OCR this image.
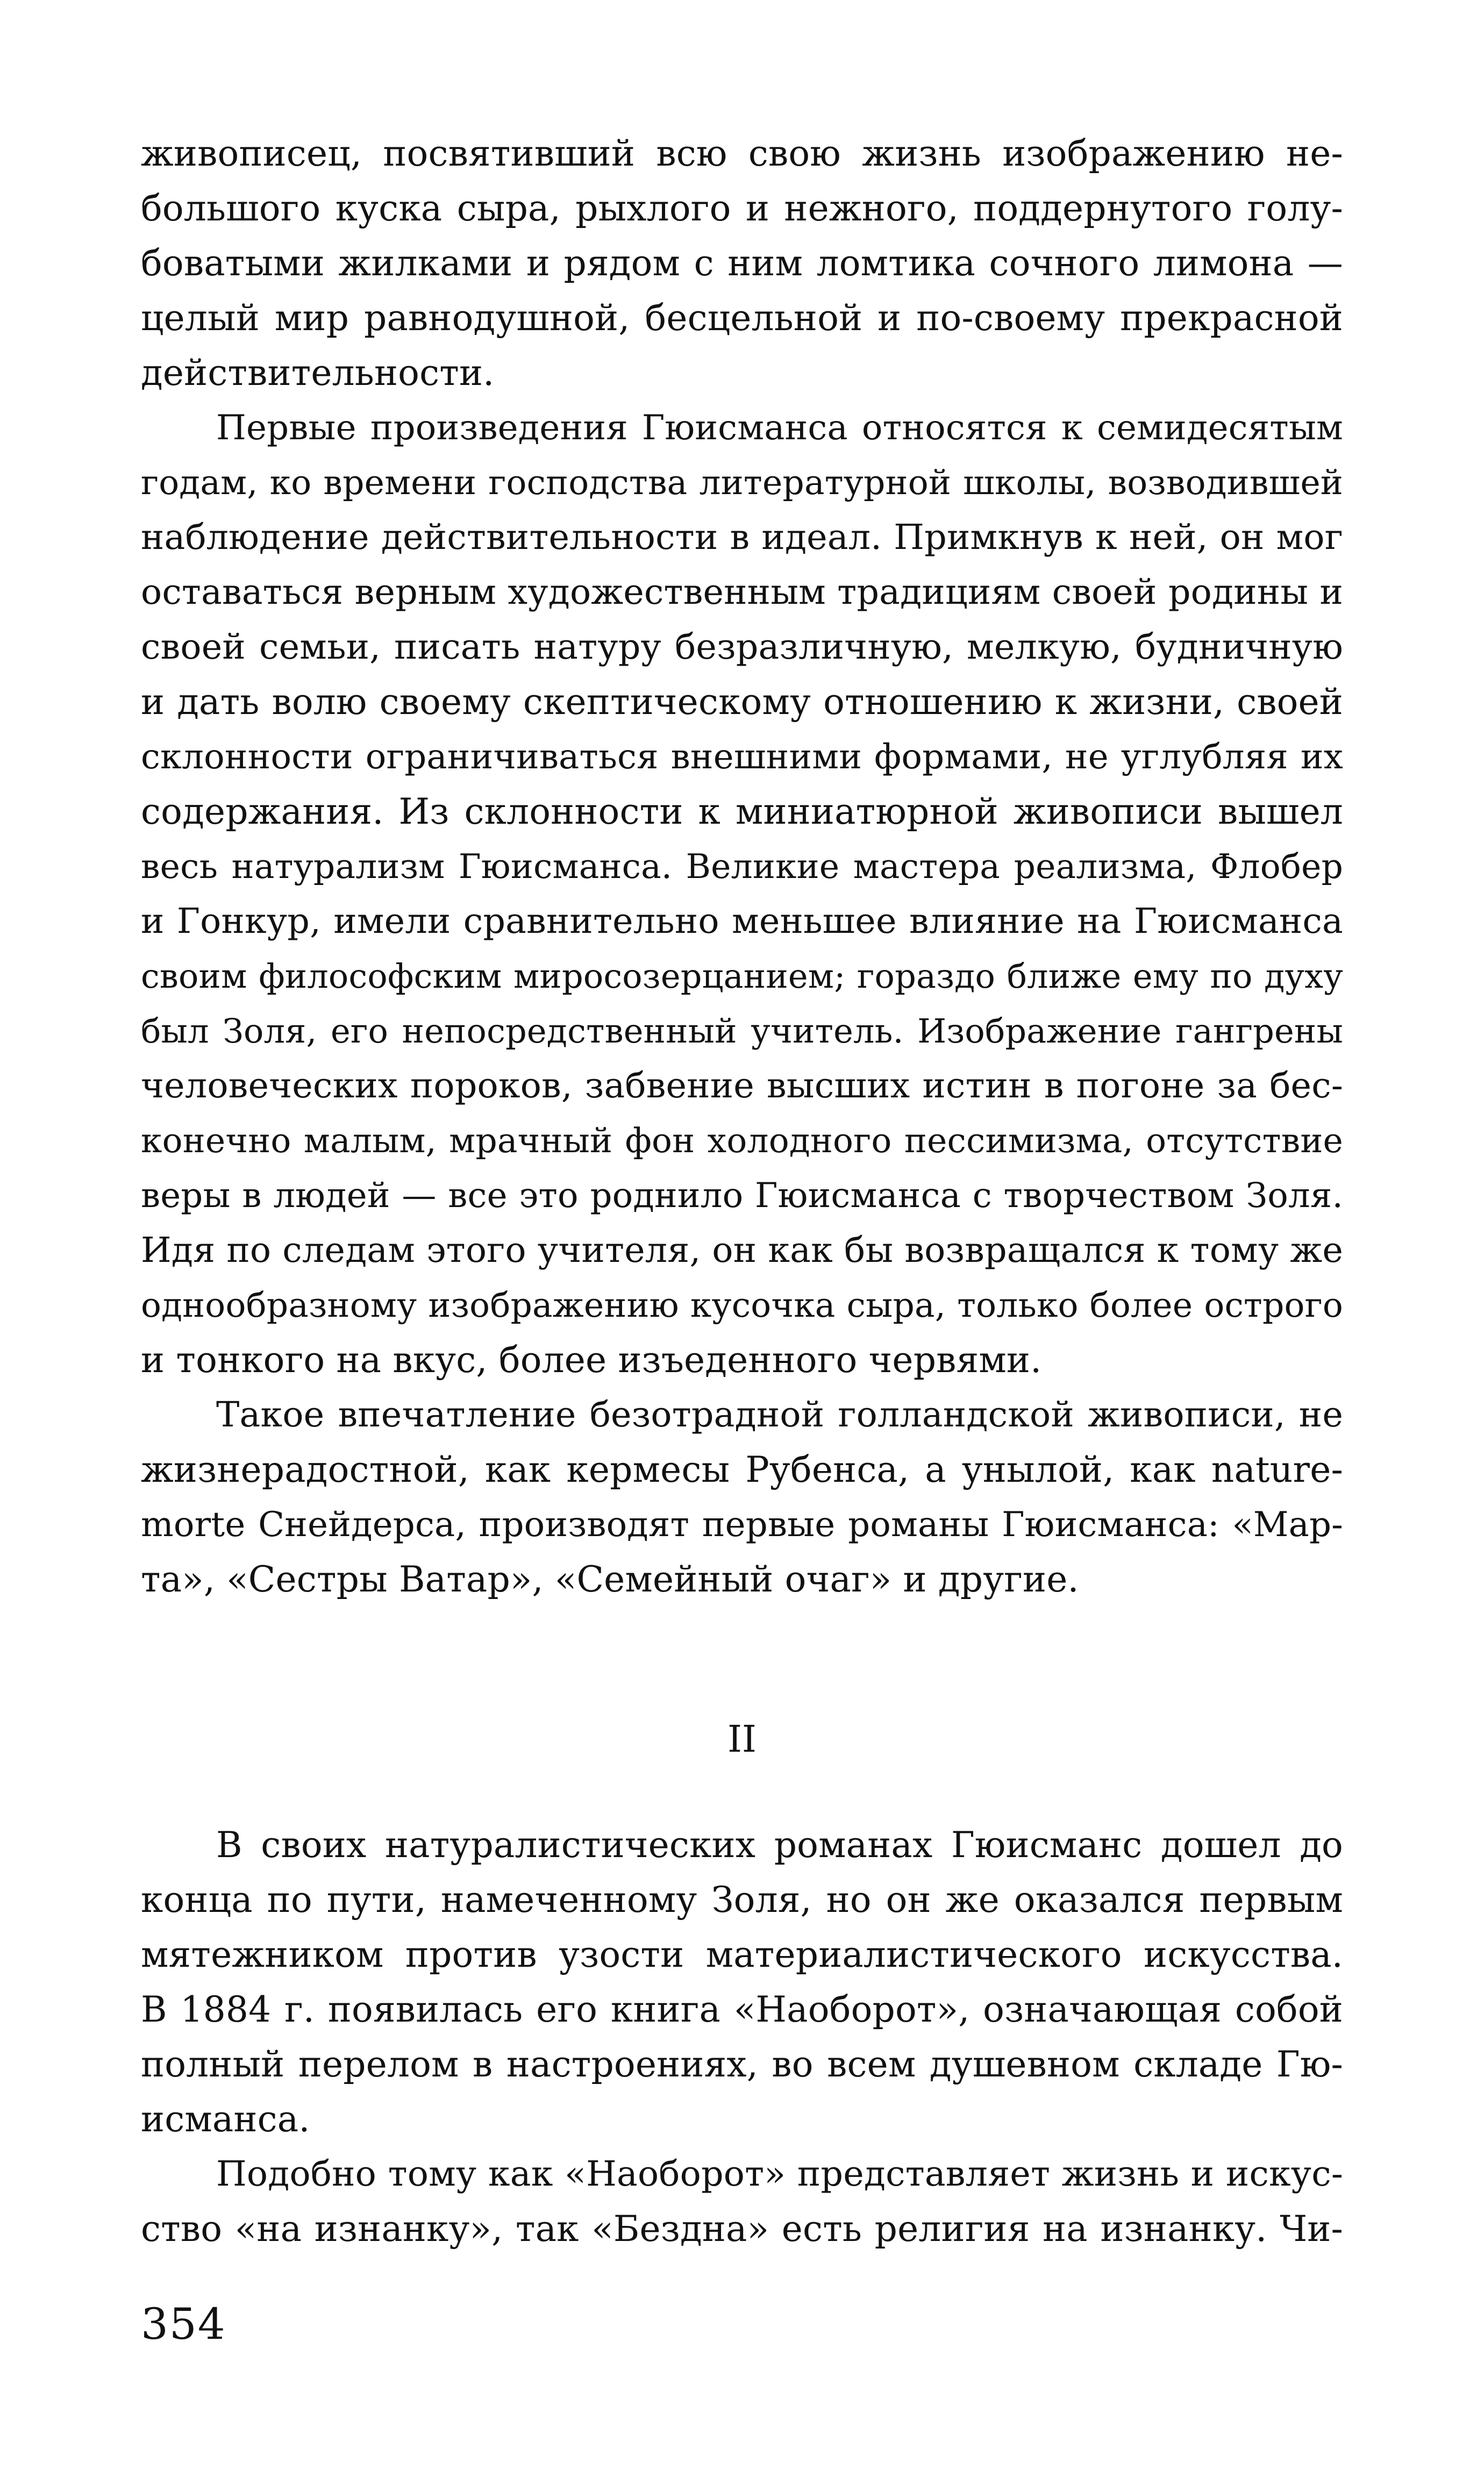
живописец, посвятивший всю свою жизнь изображению не-
большого куска сыра, рыхлого и нежного, поддернутого голу-
боватыми жилками и рядом с ним ломтика сочного лимона —
целый мир равнодушной, бесцельной и по-своему прекрасной
действительности.
Первые произведения Гюисманса относятся к семидесятым
годам, ко времени господства литературной школы, возводившей
наблюдение действительности в идеал. Примкнув к ней, он мог
оставаться верным художественным традициям своей родины и
своей семьи, писать натуру безразличную, мелкую, будничную
и дать волю своему скептическому отношению к жизни, своей
склонности ограничиваться внешними формами, не углубляя их
содержания. Из склонности к миниатюрной живописи вышел
весь натурализм Гюисманса. Великие мастера реализма, Флобер
и Гонкур, имели сравнительно меньшее влияние на Гюисманса
своим философским миросозерцанием; гораздо ближе ему по духу
был Золя, его непосредственный учитель. Изображение гангрены
человеческих пороков, забвение высших истин в погоне за бес-
конечно малым, мрачный фон холодного пессимизма, отсутствие
веры в людей — все это роднило Гюисманса с творчеством Золя.
Идя по следам этого учителя, он как бы возвращался к тому же
однообразному изображению кусочка сыра, только более острого
и тонкого на вкус, более изъеденного червями.
Такое впечатление безотрадной голландской живописи, не
жизнерадостной, как кермесы Рубенса, а унылой, как nature-
morte Снейдерса, производят первые романы Гюисманса: «Мар-
та», «Сестры Ватар», «Семейный очаг» и другие.
II
В своих натуралистических романах Гюисманс дошел до
конца по пути, намеченному Золя, но он же оказался первым
мятежником против узости материалистического искусства.
В 1884 г. появилась его книга «Наоборот», означающая собой
полный перелом в настроениях, во всем душевном складе Гю-
исманса.
Подобно тому как «Наоборот» представляет жизнь и искус-
ство «на изнанку», так «Бездна» есть религия на изнанку. Чи-
354
